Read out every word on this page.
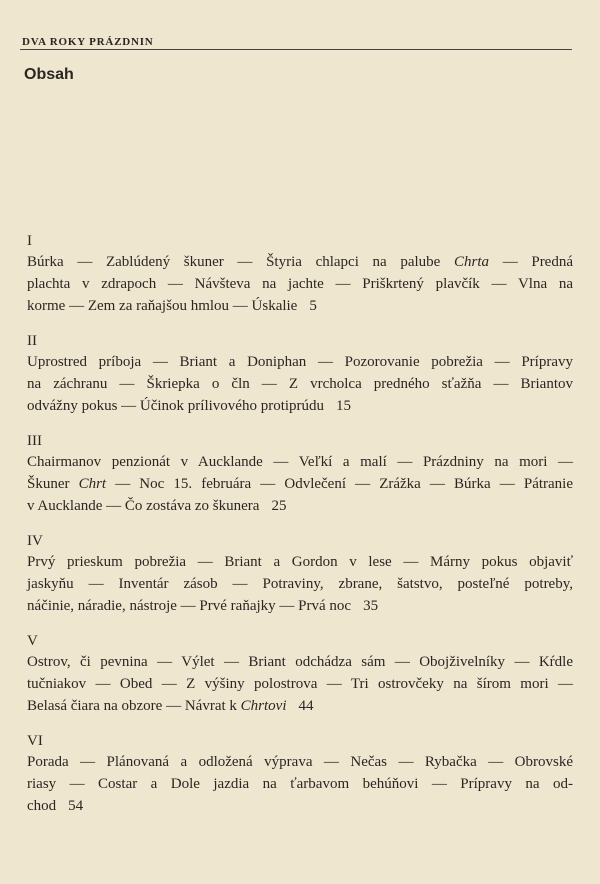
DVA ROKY PRÁZDNIN
Obsah
I
Búrka — Zablúdený škuner — Štyria chlapci na palube Chrta — Predná
plachta v zdrapoch — Návšteva na jachte — Priškrtený plavčík — Vlna na
korme — Zem za raňajšou hmlou — Úskalie 5
II
Uprostred príboja — Briant a Doniphan — Pozorovanie pobrežia — Prípravy
na záchranu — Škriepka o čln — Z vrcholca predného sťažňa — Briantov
odvážny pokus — Účinok prílivového protiprúdu 15
III
Chairmanov penzionát v Aucklande — Veľkí a malí — Prázdniny na mori —
Škuner Chrt — Noc 15. februára — Odvlečení — Zrážka — Búrka — Pátranie
v Aucklande — Čo zostáva zo škunera 25
IV
Prvý prieskum pobrežia — Briant a Gordon v lese — Márny pokus objaviť
jaskyňu — Inventár zásob — Potraviny, zbrane, šatstvo, posteľné potreby,
náčinie, náradie, nástroje — Prvé raňajky — Prvá noc 35
V
Ostrov, či pevnina — Výlet — Briant odchádza sám — Obojživelníky — Kŕdle
tučniakov — Obed — Z výšiny polostrova — Tri ostrovčeky na šírom mori —
Belasá čiara na obzore — Návrat k Chrtovi 44
VI
Porada — Plánovaná a odložená výprava — Nečas — Rybačka — Obrovské
riasy — Costar a Dole jazdia na ťarbavom behúňovi — Prípravy na od-
chod 54
